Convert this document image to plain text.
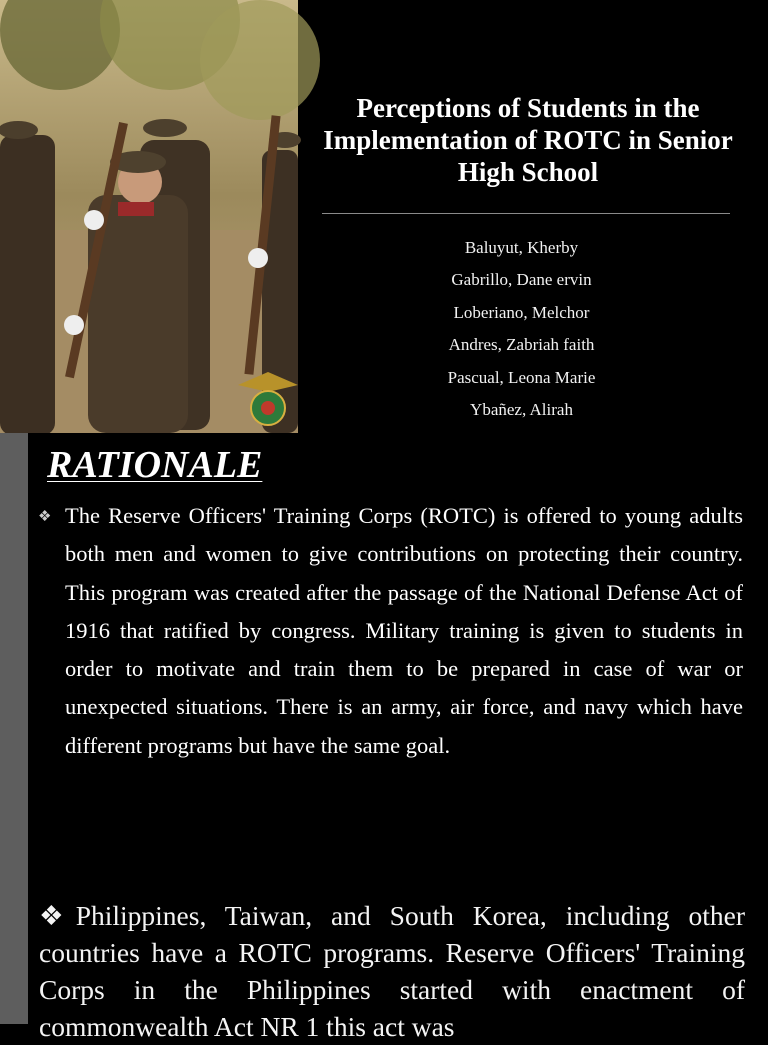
Perceptions of Students in the Implementation of ROTC in Senior High School
Baluyut, Kherby
Gabrillo, Dane ervin
Loberiano, Melchor
Andres, Zabriah faith
Pascual, Leona Marie
Ybañez, Alirah
RATIONALE
❖ The Reserve Officers' Training Corps (ROTC) is offered to young adults both men and women to give contributions on protecting their country. This program was created after the passage of the National Defense Act of 1916 that ratified by congress. Military training is given to students in order to motivate and train them to be prepared in case of war or unexpected situations. There is an army, air force, and navy which have different programs but have the same goal.

❖Philippines, Taiwan, and South Korea, including other countries have a ROTC programs. Reserve Officers' Training Corps in the Philippines started with enactment of commonwealth Act NR 1 this act was
